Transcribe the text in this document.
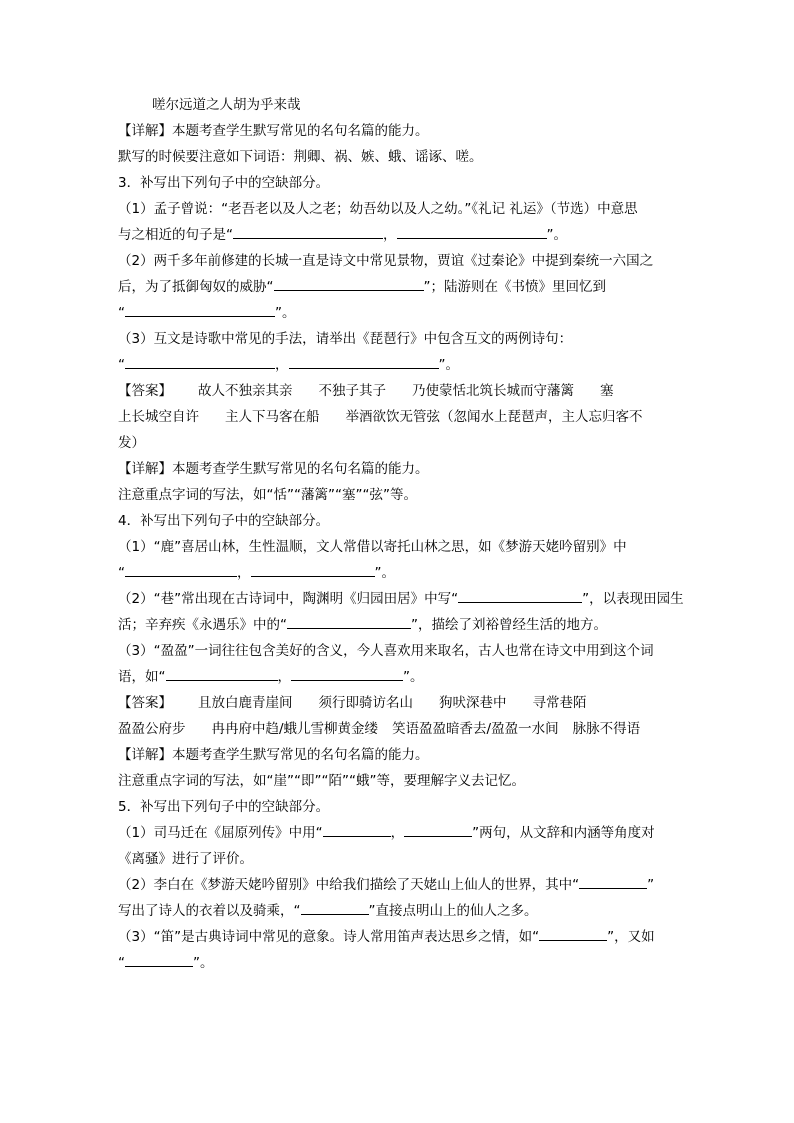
嗟尔远道之人胡为乎来哉
【详解】本题考查学生默写常见的名句名篇的能力。
默写的时候要注意如下词语：荆卿、祸、嫉、蛾、谣诼、嗟。
3．补写出下列句子中的空缺部分。
（1）孟子曾说：“老吾老以及人之老；幼吾幼以及人之幼。”《礼记 礼运》（节选）中意思
与之相近的句子是“	，	”。
（2）两千多年前修建的长城一直是诗文中常见景物，贾谊《过秦论》中提到秦统一六国之
后，为了抵御匈奴的威胁“	”；陆游则在《书愤》里回忆到
“	”。
（3）互文是诗歌中常见的手法，请举出《琵琶行》中包含互文的两例诗句：
“	，	”。
【答案】 故人不独亲其亲 不独子其子 乃使蒙恬北筑长城而守藩篱 塞
上长城空自许 主人下马客在船 举酒欲饮无管弦（忽闻水上琵琶声，主人忘归客不
发）
【详解】本题考查学生默写常见的名句名篇的能力。
注意重点字词的写法，如“恬”“藩篱”“塞”“弦”等。
4．补写出下列句子中的空缺部分。
（1）“鹿”喜居山林，生性温顺，文人常借以寄托山林之思，如《梦游天姥吟留别》中
“	，	”。
（2）“巷”常出现在古诗词中，陶渊明《归园田居》中写“	”，以表现田园生
活；辛弃疾《永遇乐》中的“	”，描绘了刘裕曾经生活的地方。
（3）“盈盈”一词往往包含美好的含义，今人喜欢用来取名，古人也常在诗文中用到这个词
语，如“	，	”。
【答案】 且放白鹿青崖间 须行即骑访名山 狗吠深巷中 寻常巷陌
盈盈公府步 冉冉府中趋/蛾儿雪柳黄金缕 笑语盈盈暗香去/盈盈一水间 脉脉不得语
【详解】本题考查学生默写常见的名句名篇的能力。
注意重点字词的写法，如“崖”“即”“陌”“蛾”等，要理解字义去记忆。
5．补写出下列句子中的空缺部分。
（1）司马迁在《屈原列传》中用“	，	”两句，从文辞和内涵等角度对
《离骚》进行了评价。
（2）李白在《梦游天姥吟留别》中给我们描绘了天姥山上仙人的世界，其中“	”
写出了诗人的衣着以及骑乘，“	”直接点明山上的仙人之多。
（3）“笛”是古典诗词中常见的意象。诗人常用笛声表达思乡之情，如“	”，又如
“	”。
